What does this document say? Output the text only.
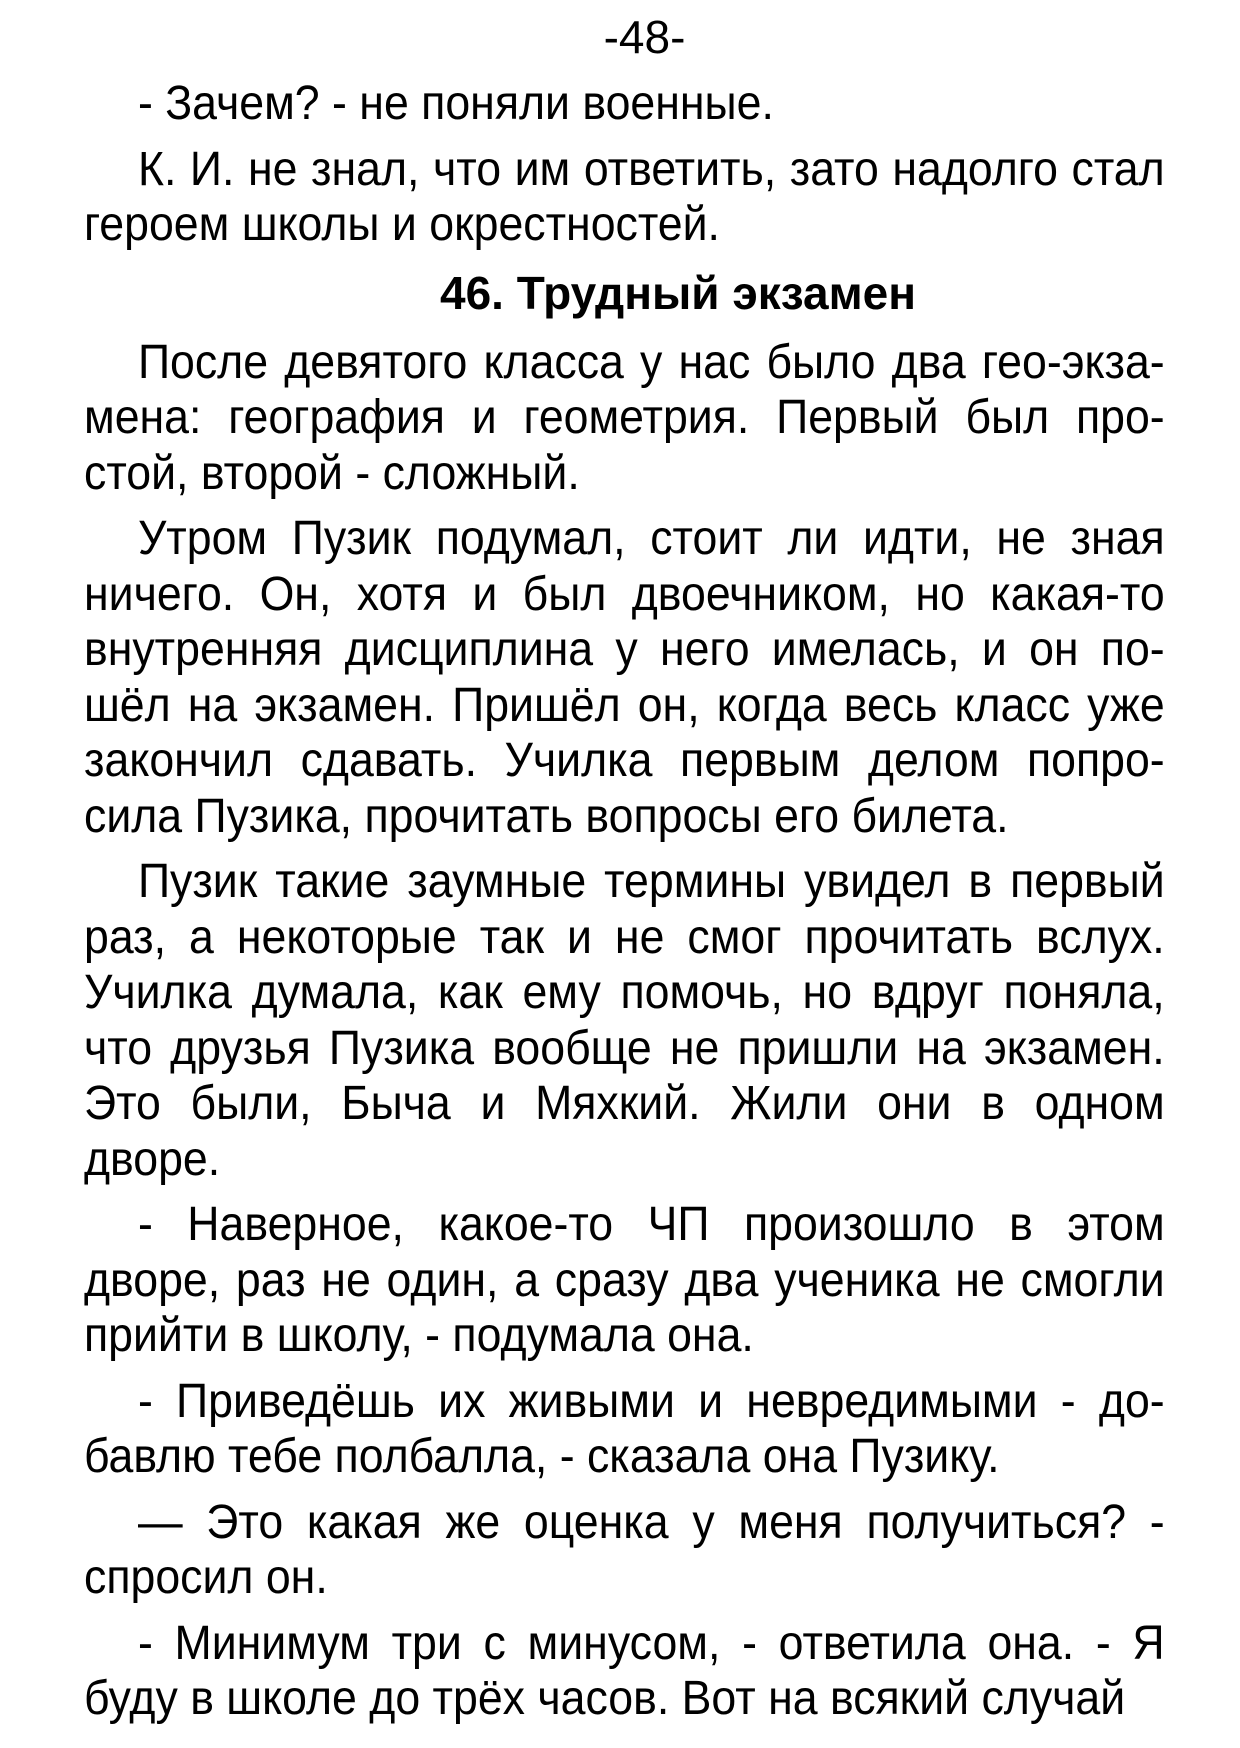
-48-

- Зачем? - не поняли военные.

К. И. не знал, что им ответить, зато надолго стал героем школы и окрестностей.

46. Трудный экзамен

После девятого класса у нас было два гео-экза-мена: география и геометрия. Первый был про-стой, второй - сложный.

Утром Пузик подумал, стоит ли идти, не зная ничего. Он, хотя и был двоечником, но какая-то внутренняя дисциплина у него имелась, и он по-шёл на экзамен. Пришёл он, когда весь класс уже закончил сдавать. Училка первым делом попро-сила Пузика, прочитать вопросы его билета.

Пузик такие заумные термины увидел в первый раз, а некоторые так и не смог прочитать вслух. Училка думала, как ему помочь, но вдруг поняла, что друзья Пузика вообще не пришли на экзамен. Это были, Быча и Мяхкий. Жили они в одном дворе.

- Наверное, какое-то ЧП произошло в этом дворе, раз не один, а сразу два ученика не смогли прийти в школу, - подумала она.

- Приведёшь их живыми и невредимыми - до-бавлю тебе полбалла, - сказала она Пузику.

— Это какая же оценка у меня получиться? - спросил он.

- Минимум три с минусом, - ответила она. - Я буду в школе до трёх часов. Вот на всякий случай
